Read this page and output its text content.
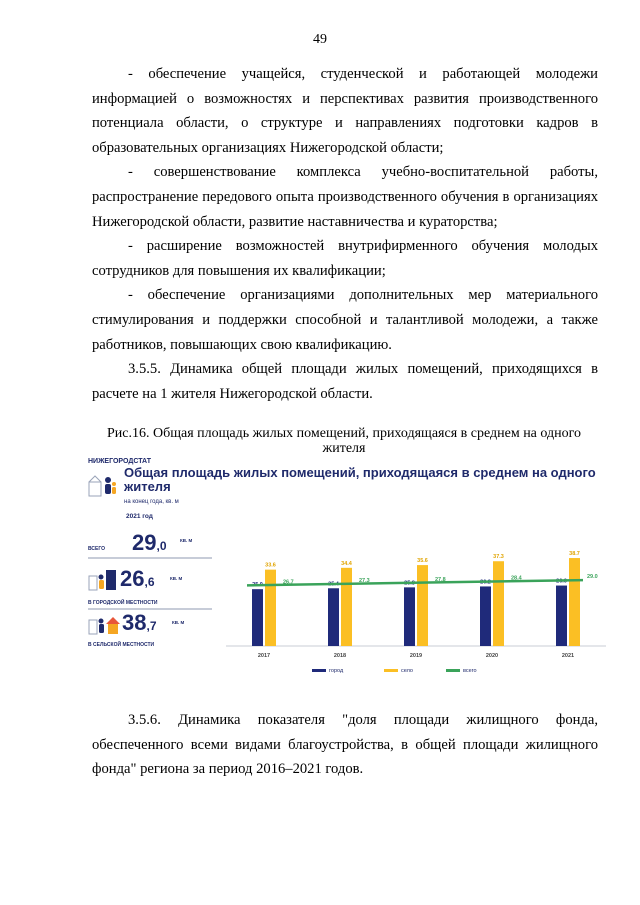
49

- обеспечение учащейся, студенческой и работающей молодежи информацией о возможностях и перспективах развития производственного потенциала области, о структуре и направлениях подготовки кадров в образовательных организациях Нижегородской области;

- совершенствование комплекса учебно-воспитательной работы, распространение передового опыта производственного обучения в организациях Нижегородской области, развитие наставничества и кураторства;

- расширение возможностей внутрифирменного обучения молодых сотрудников для повышения их квалификации;

- обеспечение организациями дополнительных мер материального стимулирования и поддержки способной и талантливой молодежи, а также работников, повышающих свою квалификацию.

3.5.5. Динамика общей площади жилых помещений, приходящихся в расчете на 1 жителя Нижегородской области.

Рис.16. Общая площадь жилых помещений, приходящаяся в среднем на одного жителя
НИЖЕГОРОДСТАТ
Общая площадь жилых помещений, приходящаяся в среднем на одного жителя
на конец года, кв. м
2021 год
ВСЕГО 29,0	КВ. М
26,6	КВ. М
В ГОРОДСКОЙ МЕСТНОСТИ
38,7	КВ. М
В СЕЛЬСКОЙ МЕСТНОСТИ
33.6
2017
34.4
2018
35.6
2019
37.3
2020
38.7
2021
26.7	27.3	27.8	28.4	29.0
город	село	всего

3.5.6. Динамика показателя "доля площади жилищного фонда, обеспеченного всеми видами благоустройства, в общей площади жилищного фонда" региона за период 2016–2021 годов.
